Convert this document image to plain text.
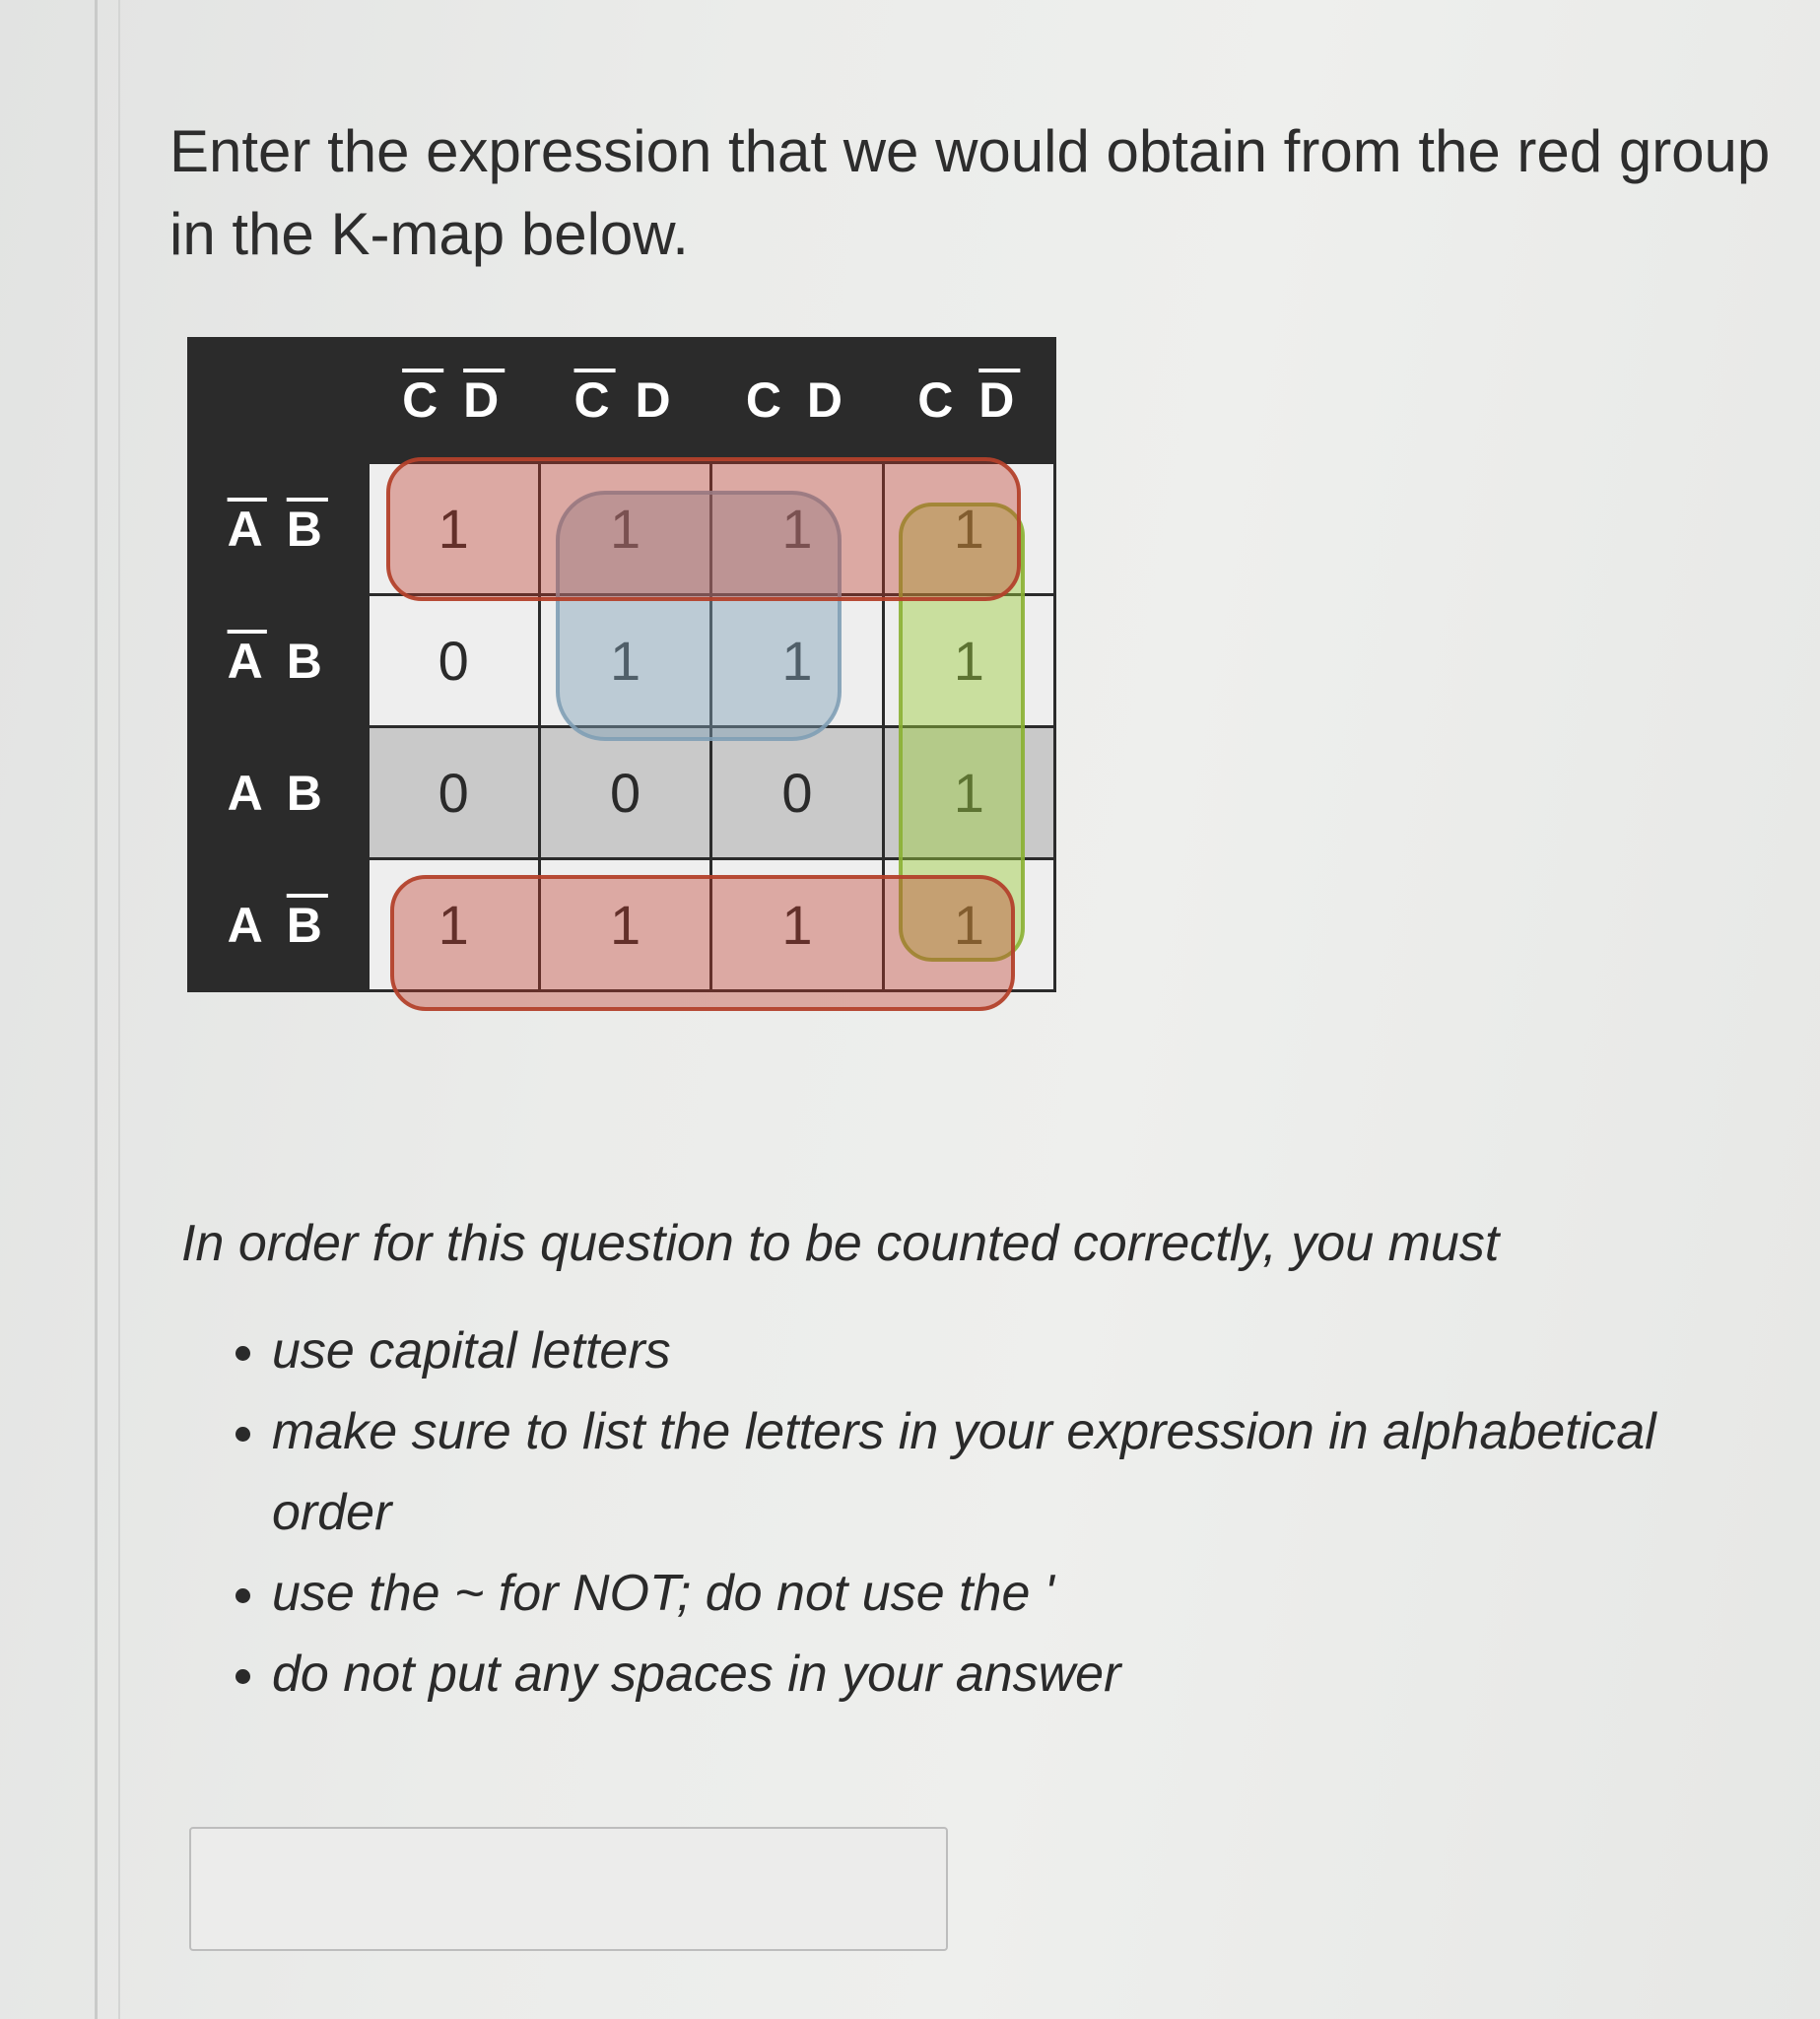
Enter the expression that we would obtain from the red group in the K-map below.

	$\overline{C}$ $\overline{D}$	$\overline{C}$ D	C D	C $\overline{D}$
$\overline{A}$ $\overline{B}$	1	1	1	1
$\overline{A}$ B	0	1	1	1
A B	0	0	0	1
A $\overline{B}$	1	1	1	1

In order for this question to be counted correctly, you must

• use capital letters
• make sure to list the letters in your expression in alphabetical order
• use the ~ for NOT; do not use the '
• do not put any spaces in your answer
